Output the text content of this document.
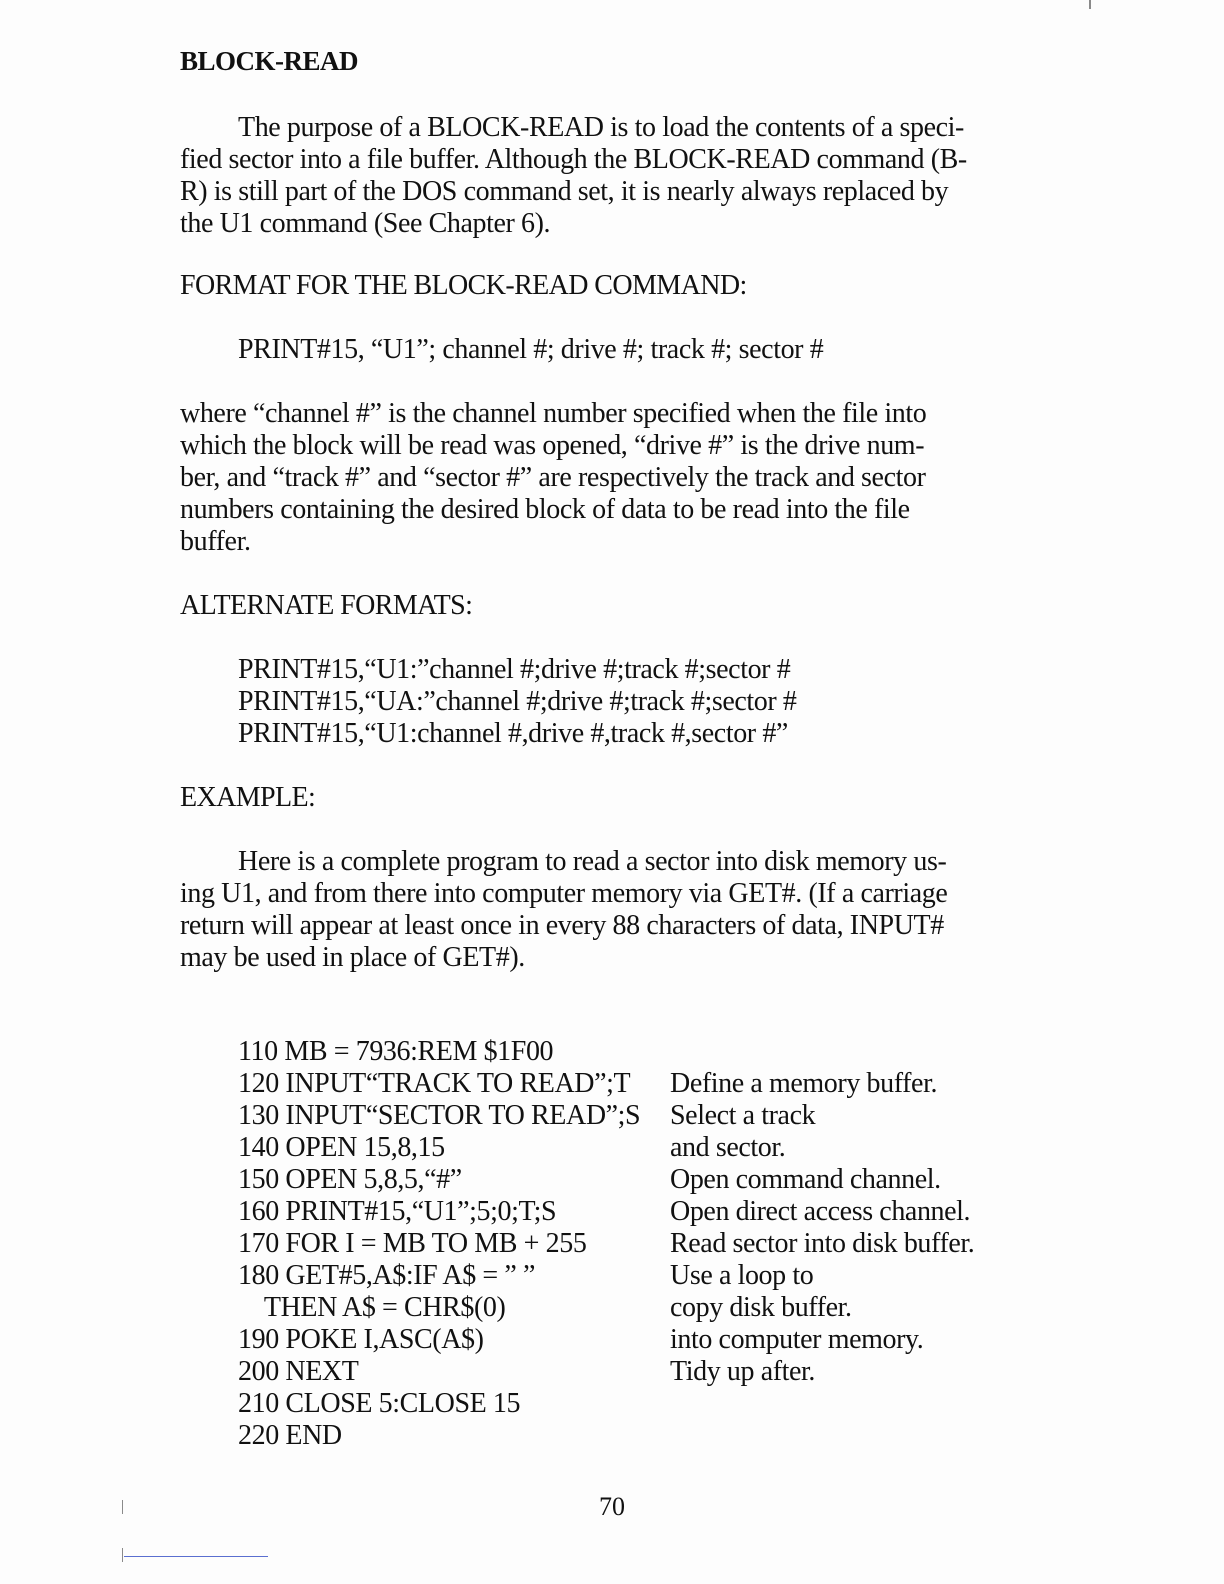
BLOCK-READ
The purpose of a BLOCK-READ is to load the contents of a speci-
fied sector into a file buffer. Although the BLOCK-READ command (B-
R) is still part of the DOS command set, it is nearly always replaced by
the U1 command (See Chapter 6).
FORMAT FOR THE BLOCK-READ COMMAND:
PRINT#15, “U1”; channel #; drive #; track #; sector #
where “channel #” is the channel number specified when the file into
which the block will be read was opened, “drive #” is the drive num-
ber, and “track #” and “sector #” are respectively the track and sector
numbers containing the desired block of data to be read into the file
buffer.
ALTERNATE FORMATS:
PRINT#15,“U1:”channel #;drive #;track #;sector #
PRINT#15,“UA:”channel #;drive #;track #;sector #
PRINT#15,“U1:channel #,drive #,track #,sector #”
EXAMPLE:
Here is a complete program to read a sector into disk memory us-
ing U1, and from there into computer memory via GET#. (If a carriage
return will appear at least once in every 88 characters of data, INPUT#
may be used in place of GET#).

110 MB = 7936:REM $1F00

Define a memory buffer.

120 INPUT“TRACK TO READ”;T

Select a track

130 INPUT“SECTOR TO READ”;S

and sector.

140 OPEN 15,8,15

Open command channel.

150 OPEN 5,8,5,“#”

Open direct access channel.

160 PRINT#15,“U1”;5;0;T;S

Read sector into disk buffer.

170 FOR I = MB TO MB + 255

Use a loop to

180 GET#5,A$:IF A$ = ” ”

copy disk buffer.

THEN A$ = CHR$(0)

into computer memory.

190 POKE I,ASC(A$)

Tidy up after.

200 NEXT

210 CLOSE 5:CLOSE 15

220 END

70
